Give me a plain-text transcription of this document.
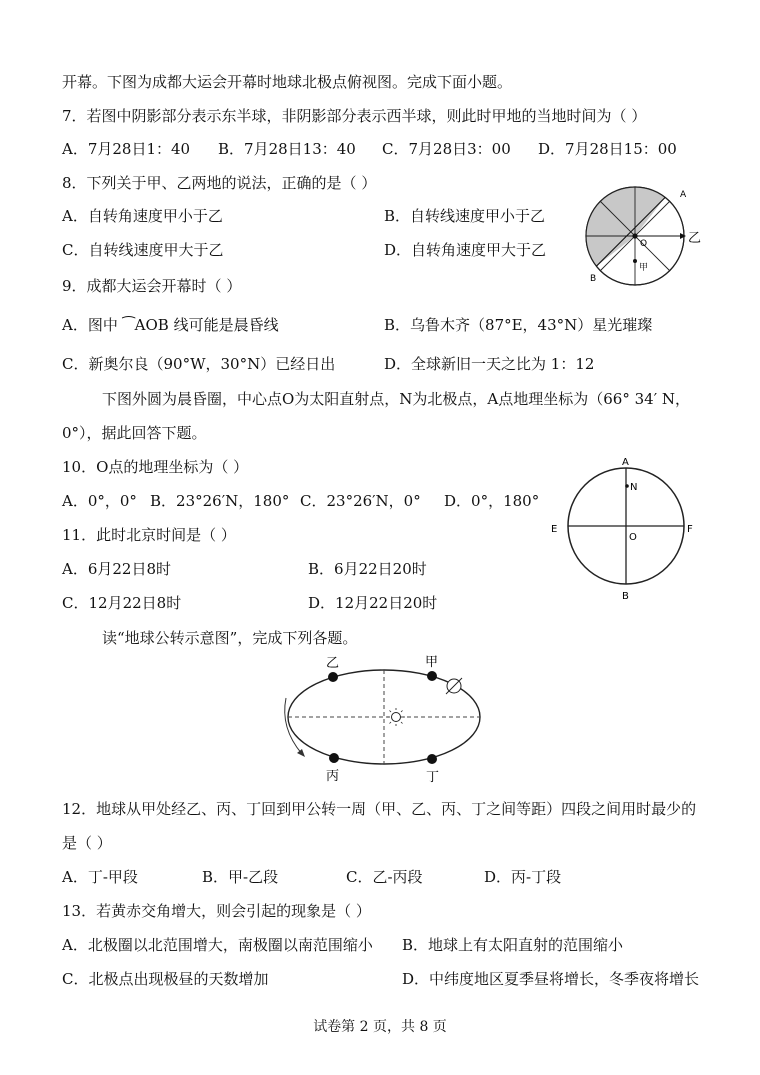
开幕。下图为成都大运会开幕时地球北极点俯视图。完成下面小题。
7．若图中阴影部分表示东半球，非阴影部分表示西半球，则此时甲地的当地时间为（ ）
A．7月28日1：40 B．7月28日13：40 C．7月28日3：00 D．7月28日15：00
8．下列关于甲、乙两地的说法，正确的是（ ）
A．自转角速度甲小于乙	B．自转线速度甲小于乙
C．自转线速度甲大于乙	D．自转角速度甲大于乙
A
B
O	乙
甲
9．成都大运会开幕时（ ）
A．图中 ⁀AOB 线可能是晨昏线	B．乌鲁木齐（87°E，43°N）星光璀璨
C．新奥尔良（90°W，30°N）已经日出	D．全球新旧一天之比为 1：12
下图外圆为晨昏圈，中心点O为太阳直射点，N为北极点，A点地理坐标为（66° 34′ N，
0°），据此回答下题。
10．O点的地理坐标为（ ）
A．0°，0° B．23°26′N，180° C．23°26′N，0° D．0°，180°
A
N
E	F
O
B
11．此时北京时间是（ ）
A．6月22日8时	B．6月22日20时
C．12月22日8时	D．12月22日20时
读“地球公转示意图”，完成下列各题。
乙	甲
丙	丁
12．地球从甲处经乙、丙、丁回到甲公转一周（甲、乙、丙、丁之间等距）四段之间用时最少的
是（ ）
A．丁-甲段	B．甲-乙段	C．乙-丙段	D．丙-丁段
13．若黄赤交角增大，则会引起的现象是（ ）
A．北极圈以北范围增大，南极圈以南范围缩小 B．地球上有太阳直射的范围缩小
C．北极点出现极昼的天数增加	D．中纬度地区夏季昼将增长，冬季夜将增长
试卷第 2 页，共 8 页
